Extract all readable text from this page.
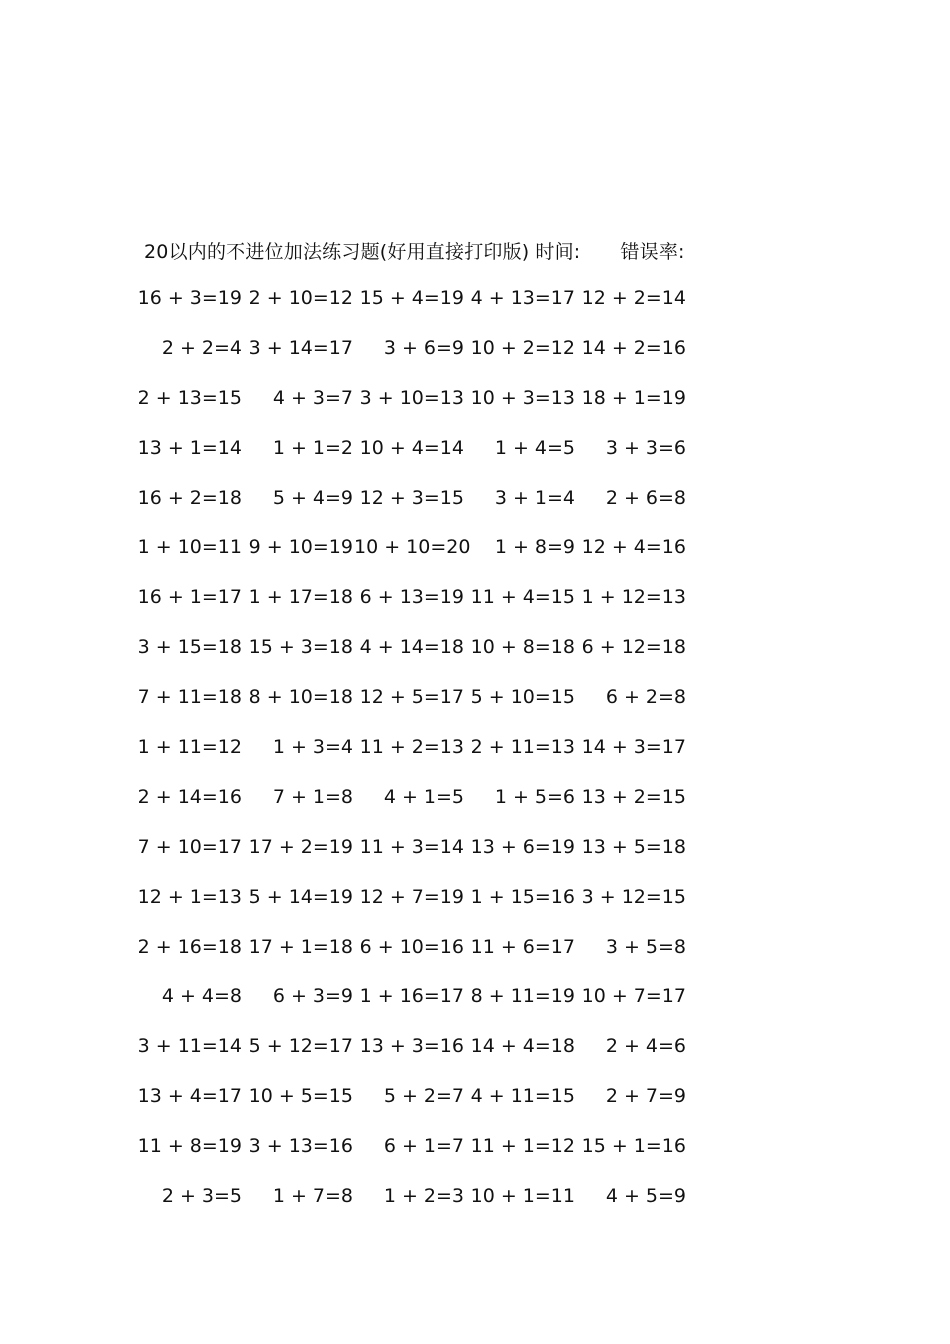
20以内的不进位加法练习题(好用直接打印版) 时间: 错误率:
16 + 3=19 2 + 10=12 15 + 4=19 4 + 13=17 12 + 2=14
2 + 2=4 3 + 14=17	3 + 6=9 10 + 2=12 14 + 2=16
2 + 13=15	4 + 3=7 3 + 10=13 10 + 3=13 18 + 1=19
13 + 1=14	1 + 1=2 10 + 4=14	1 + 4=5	3 + 3=6
16 + 2=18	5 + 4=9 12 + 3=15	3 + 1=4	2 + 6=8
1 + 10=11 9 + 10=19 10 + 10=20	1 + 8=9 12 + 4=16
16 + 1=17 1 + 17=18 6 + 13=19 11 + 4=15 1 + 12=13
3 + 15=18 15 + 3=18 4 + 14=18 10 + 8=18 6 + 12=18
7 + 11=18 8 + 10=18 12 + 5=17 5 + 10=15	6 + 2=8
1 + 11=12	1 + 3=4 11 + 2=13 2 + 11=13 14 + 3=17
2 + 14=16	7 + 1=8	4 + 1=5	1 + 5=6 13 + 2=15
7 + 10=17 17 + 2=19 11 + 3=14 13 + 6=19 13 + 5=18
12 + 1=13 5 + 14=19 12 + 7=19 1 + 15=16 3 + 12=15
2 + 16=18 17 + 1=18 6 + 10=16 11 + 6=17	3 + 5=8
4 + 4=8	6 + 3=9 1 + 16=17 8 + 11=19 10 + 7=17
3 + 11=14 5 + 12=17 13 + 3=16 14 + 4=18	2 + 4=6
13 + 4=17 10 + 5=15	5 + 2=7 4 + 11=15	2 + 7=9
11 + 8=19 3 + 13=16	6 + 1=7 11 + 1=12 15 + 1=16
2 + 3=5	1 + 7=8	1 + 2=3 10 + 1=11	4 + 5=9
